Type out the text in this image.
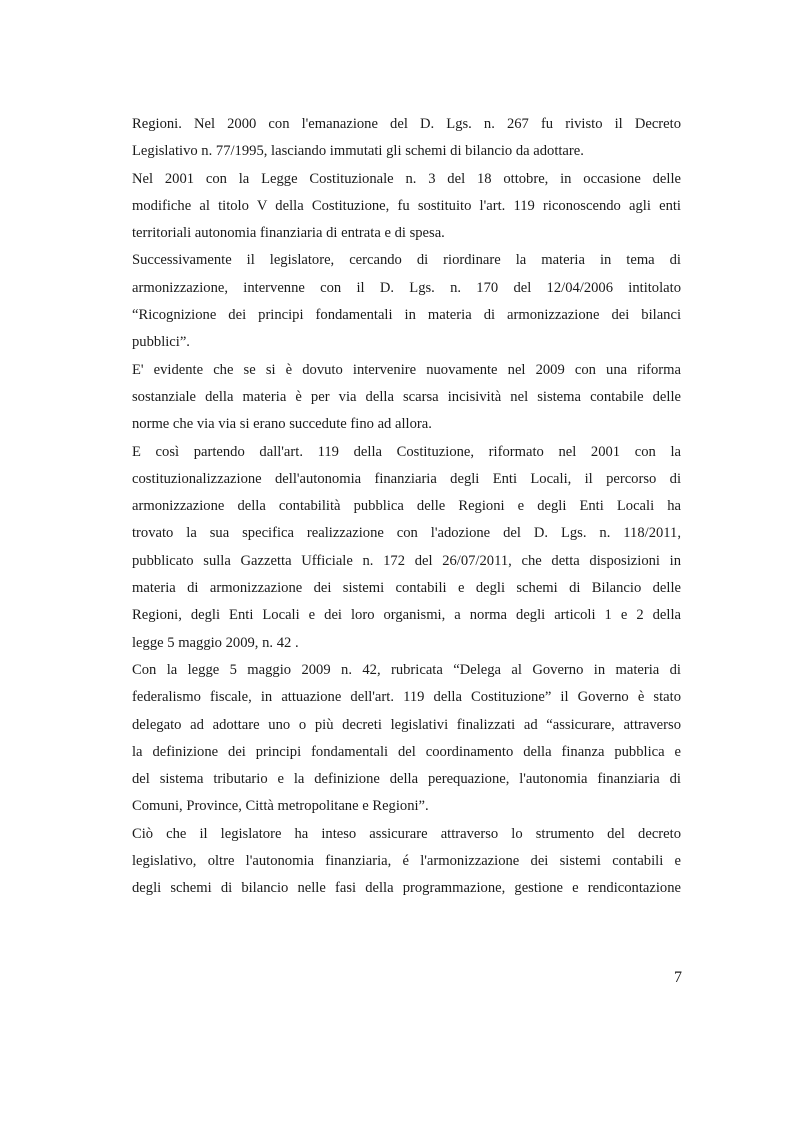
Regioni. Nel 2000 con l'emanazione del D. Lgs. n. 267 fu rivisto il Decreto
Legislativo n. 77/1995, lasciando immutati gli schemi di bilancio da adottare.
Nel 2001 con la Legge Costituzionale n. 3 del 18 ottobre, in occasione delle
modifiche al titolo V della Costituzione, fu sostituito l'art. 119 riconoscendo agli enti
territoriali autonomia finanziaria di entrata e di spesa.
Successivamente il legislatore, cercando di riordinare la materia in tema di
armonizzazione, intervenne con il D. Lgs. n. 170 del 12/04/2006 intitolato
“Ricognizione dei principi fondamentali in materia di armonizzazione dei bilanci
pubblici”.
E' evidente che se si è dovuto intervenire nuovamente nel 2009 con una riforma
sostanziale della materia è per via della scarsa incisività nel sistema contabile delle
norme che via via si erano succedute fino ad allora.
E così partendo dall'art. 119 della Costituzione, riformato nel 2001 con la
costituzionalizzazione dell'autonomia finanziaria degli Enti Locali, il percorso di
armonizzazione della contabilità pubblica delle Regioni e degli Enti Locali ha
trovato la sua specifica realizzazione con l'adozione del D. Lgs. n. 118/2011,
pubblicato sulla Gazzetta Ufficiale n. 172 del 26/07/2011, che detta disposizioni in
materia di armonizzazione dei sistemi contabili e degli schemi di Bilancio delle
Regioni, degli Enti Locali e dei loro organismi, a norma degli articoli 1 e 2 della
legge 5 maggio 2009, n. 42 .
Con la legge 5 maggio 2009 n. 42, rubricata “Delega al Governo in materia di
federalismo fiscale, in attuazione dell'art. 119 della Costituzione” il Governo è stato
delegato ad adottare uno o più decreti legislativi finalizzati ad “assicurare, attraverso
la definizione dei principi fondamentali del coordinamento della finanza pubblica e
del sistema tributario e la definizione della perequazione, l'autonomia finanziaria di
Comuni, Province, Città metropolitane e Regioni”.
Ciò che il legislatore ha inteso assicurare attraverso lo strumento del decreto
legislativo, oltre l'autonomia finanziaria, é l'armonizzazione dei sistemi contabili e
degli schemi di bilancio nelle fasi della programmazione, gestione e rendicontazione
7
